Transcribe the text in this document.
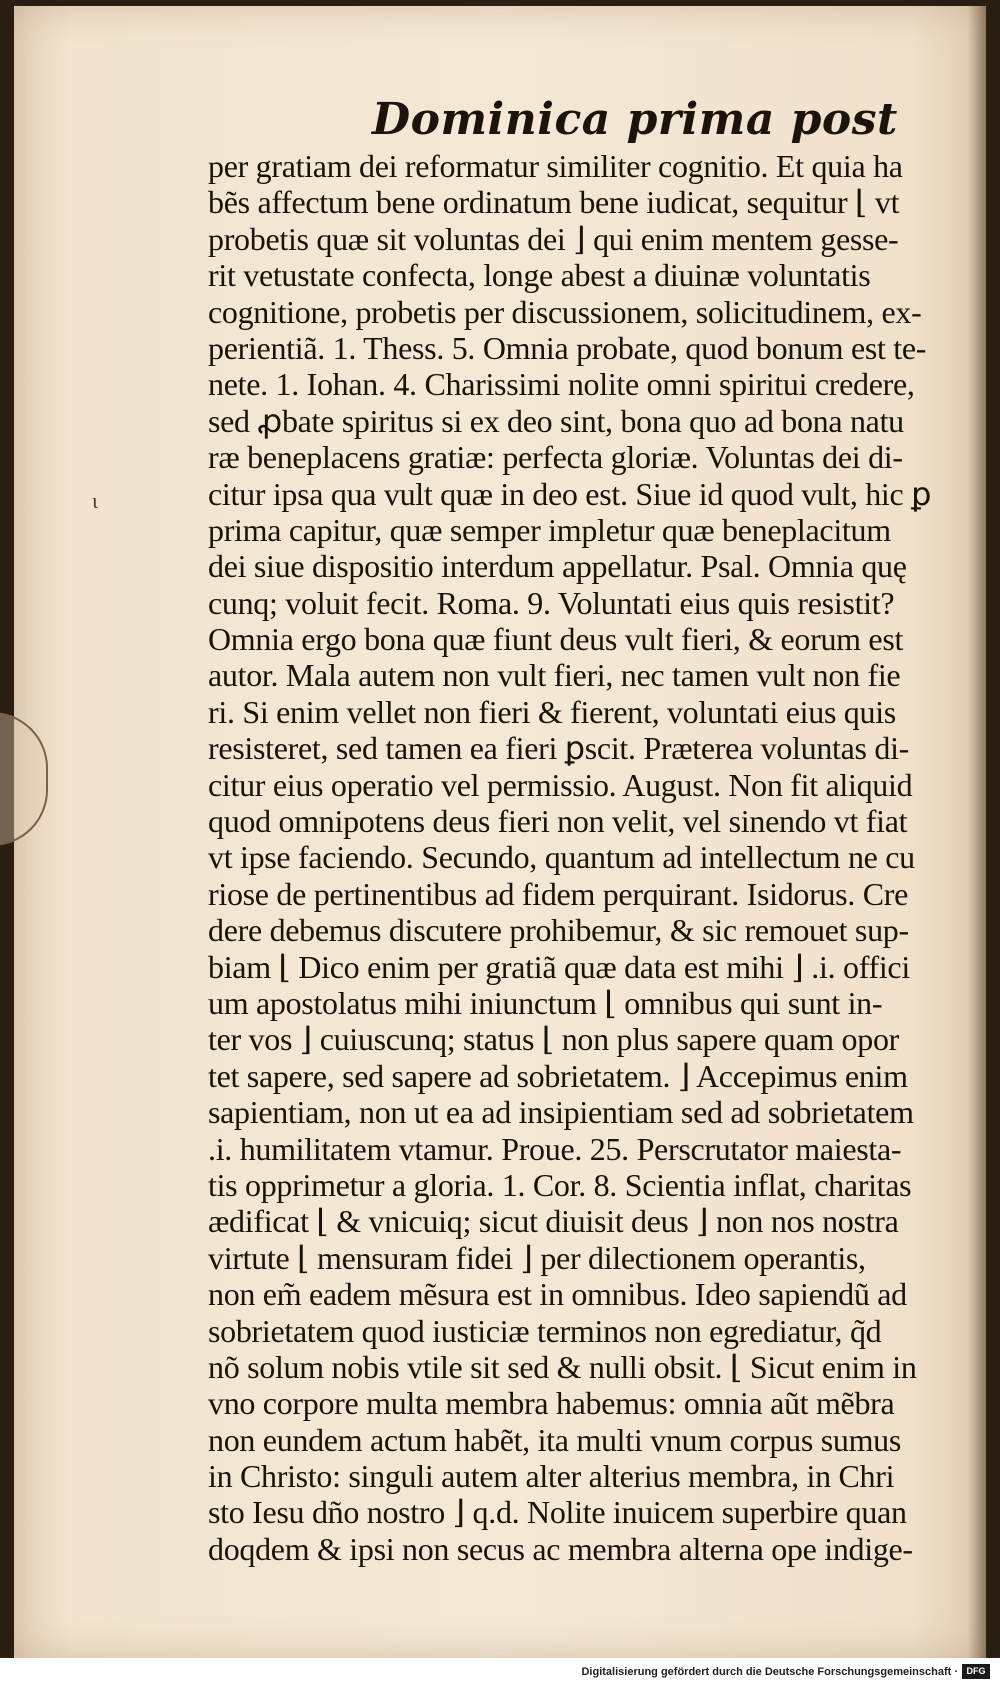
ι
Dominica prima post
per gratiam dei reformatur similiter cognitio. Et quia ha
bẽs affectum bene ordinatum bene iudicat, sequitur ⌊ vt
probetis quæ sit voluntas dei ⌋ qui enim mentem gesse-
rit vetustate confecta, longe abest a diuinæ voluntatis
cognitione, probetis per discussionem, solicitudinem, ex-
perientiã. 1. Thess. 5. Omnia probate, quod bonum est te-
nete. 1. Iohan. 4. Charissimi nolite omni spiritui credere,
sed ꝓbate spiritus si ex deo sint, bona quo ad bona natu
ræ beneplacens gratiæ: perfecta gloriæ. Voluntas dei di-
citur ipsa qua vult quæ in deo est. Siue id quod vult, hic ꝑ
prima capitur, quæ semper impletur quæ beneplacitum
dei siue dispositio interdum appellatur. Psal. Omnia quę
cunq; voluit fecit. Roma. 9. Voluntati eius quis resistit?
Omnia ergo bona quæ fiunt deus vult fieri, & eorum est
autor. Mala autem non vult fieri, nec tamen vult non fie
ri. Si enim vellet non fieri & fierent, voluntati eius quis
resisteret, sed tamen ea fieri ꝑscit. Præterea voluntas di-
citur eius operatio vel permissio. August. Non fit aliquid
quod omnipotens deus fieri non velit, vel sinendo vt fiat
vt ipse faciendo. Secundo, quantum ad intellectum ne cu
riose de pertinentibus ad fidem perquirant. Isidorus. Cre
dere debemus discutere prohibemur, & sic remouet sup-
biam ⌊ Dico enim per gratiã quæ data est mihi ⌋ .i. offici
um apostolatus mihi iniunctum ⌊ omnibus qui sunt in-
ter vos ⌋ cuiuscunq; status ⌊ non plus sapere quam opor
tet sapere, sed sapere ad sobrietatem. ⌋ Accepimus enim
sapientiam, non ut ea ad insipientiam sed ad sobrietatem
.i. humilitatem vtamur. Proue. 25. Perscrutator maiesta-
tis opprimetur a gloria. 1. Cor. 8. Scientia inflat, charitas
ædificat ⌊ & vnicuiq; sicut diuisit deus ⌋ non nos nostra
virtute ⌊ mensuram fidei ⌋ per dilectionem operantis,
non em̃ eadem mẽsura est in omnibus. Ideo sapiendũ ad
sobrietatem quod iusticiæ terminos non egrediatur, q̃d
nõ solum nobis vtile sit sed & nulli obsit. ⌊ Sicut enim in
vno corpore multa membra habemus: omnia aũt mẽbra
non eundem actum habẽt, ita multi vnum corpus sumus
in Christo: singuli autem alter alterius membra, in Chri
sto Iesu dño nostro ⌋ q.d. Nolite inuicem superbire quan
doqdem & ipsi non secus ac membra alterna ope indige-
Digitalisierung gefördert durch die Deutsche Forschungsgemeinschaft · DFG
